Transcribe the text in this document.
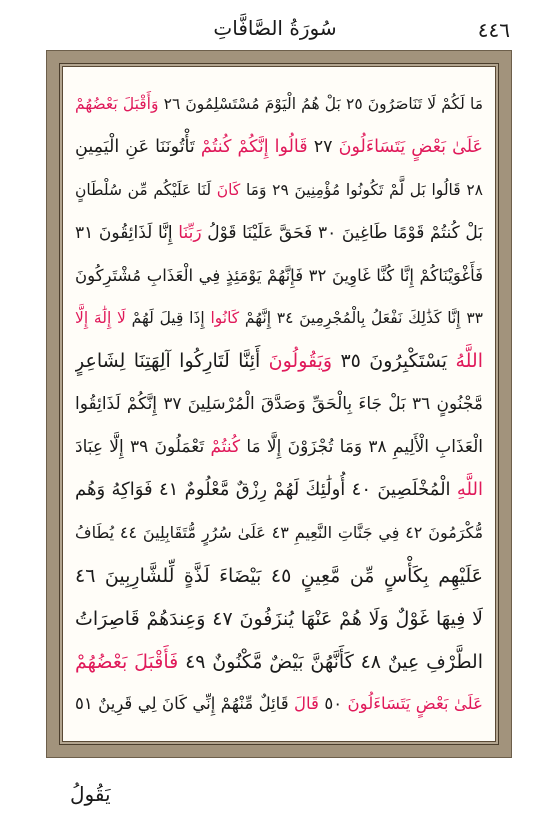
٤٤٦
سُورَةُ الصَّافَّاتِ
مَا لَكُمْ لَا تَنَاصَرُونَ ٢٥ بَلْ هُمُ الْيَوْمَ مُسْتَسْلِمُونَ ٢٦ وَأَقْبَلَ بَعْضُهُمْ
عَلَىٰ بَعْضٍ يَتَسَاءَلُونَ ٢٧ قَالُوا إِنَّكُمْ كُنتُمْ تَأْتُونَنَا عَنِ الْيَمِينِ
٢٨ قَالُوا بَل لَّمْ تَكُونُوا مُؤْمِنِينَ ٢٩ وَمَا كَانَ لَنَا عَلَيْكُم مِّن سُلْطَانٍ
بَلْ كُنتُمْ قَوْمًا طَاغِينَ ٣٠ فَحَقَّ عَلَيْنَا قَوْلُ رَبِّنَا إِنَّا لَذَائِقُونَ ٣١
فَأَغْوَيْنَاكُمْ إِنَّا كُنَّا غَاوِينَ ٣٢ فَإِنَّهُمْ يَوْمَئِذٍ فِي الْعَذَابِ مُشْتَرِكُونَ
٣٣ إِنَّا كَذَٰلِكَ نَفْعَلُ بِالْمُجْرِمِينَ ٣٤ إِنَّهُمْ كَانُوا إِذَا قِيلَ لَهُمْ لَا إِلَٰهَ إِلَّا
اللَّهُ يَسْتَكْبِرُونَ ٣٥ وَيَقُولُونَ أَئِنَّا لَتَارِكُوا آلِهَتِنَا لِشَاعِرٍ
مَّجْنُونٍ ٣٦ بَلْ جَاءَ بِالْحَقِّ وَصَدَّقَ الْمُرْسَلِينَ ٣٧ إِنَّكُمْ لَذَائِقُوا
الْعَذَابِ الْأَلِيمِ ٣٨ وَمَا تُجْزَوْنَ إِلَّا مَا كُنتُمْ تَعْمَلُونَ ٣٩ إِلَّا عِبَادَ
اللَّهِ الْمُخْلَصِينَ ٤٠ أُولَٰئِكَ لَهُمْ رِزْقٌ مَّعْلُومٌ ٤١ فَوَاكِهُ وَهُم
مُّكْرَمُونَ ٤٢ فِي جَنَّاتِ النَّعِيمِ ٤٣ عَلَىٰ سُرُرٍ مُّتَقَابِلِينَ ٤٤ يُطَافُ
عَلَيْهِم بِكَأْسٍ مِّن مَّعِينٍ ٤٥ بَيْضَاءَ لَذَّةٍ لِّلشَّارِبِينَ ٤٦
لَا فِيهَا غَوْلٌ وَلَا هُمْ عَنْهَا يُنزَفُونَ ٤٧ وَعِندَهُمْ قَاصِرَاتُ
الطَّرْفِ عِينٌ ٤٨ كَأَنَّهُنَّ بَيْضٌ مَّكْنُونٌ ٤٩ فَأَقْبَلَ بَعْضُهُمْ
عَلَىٰ بَعْضٍ يَتَسَاءَلُونَ ٥٠ قَالَ قَائِلٌ مِّنْهُمْ إِنِّي كَانَ لِي قَرِينٌ ٥١
يَقُولُ
